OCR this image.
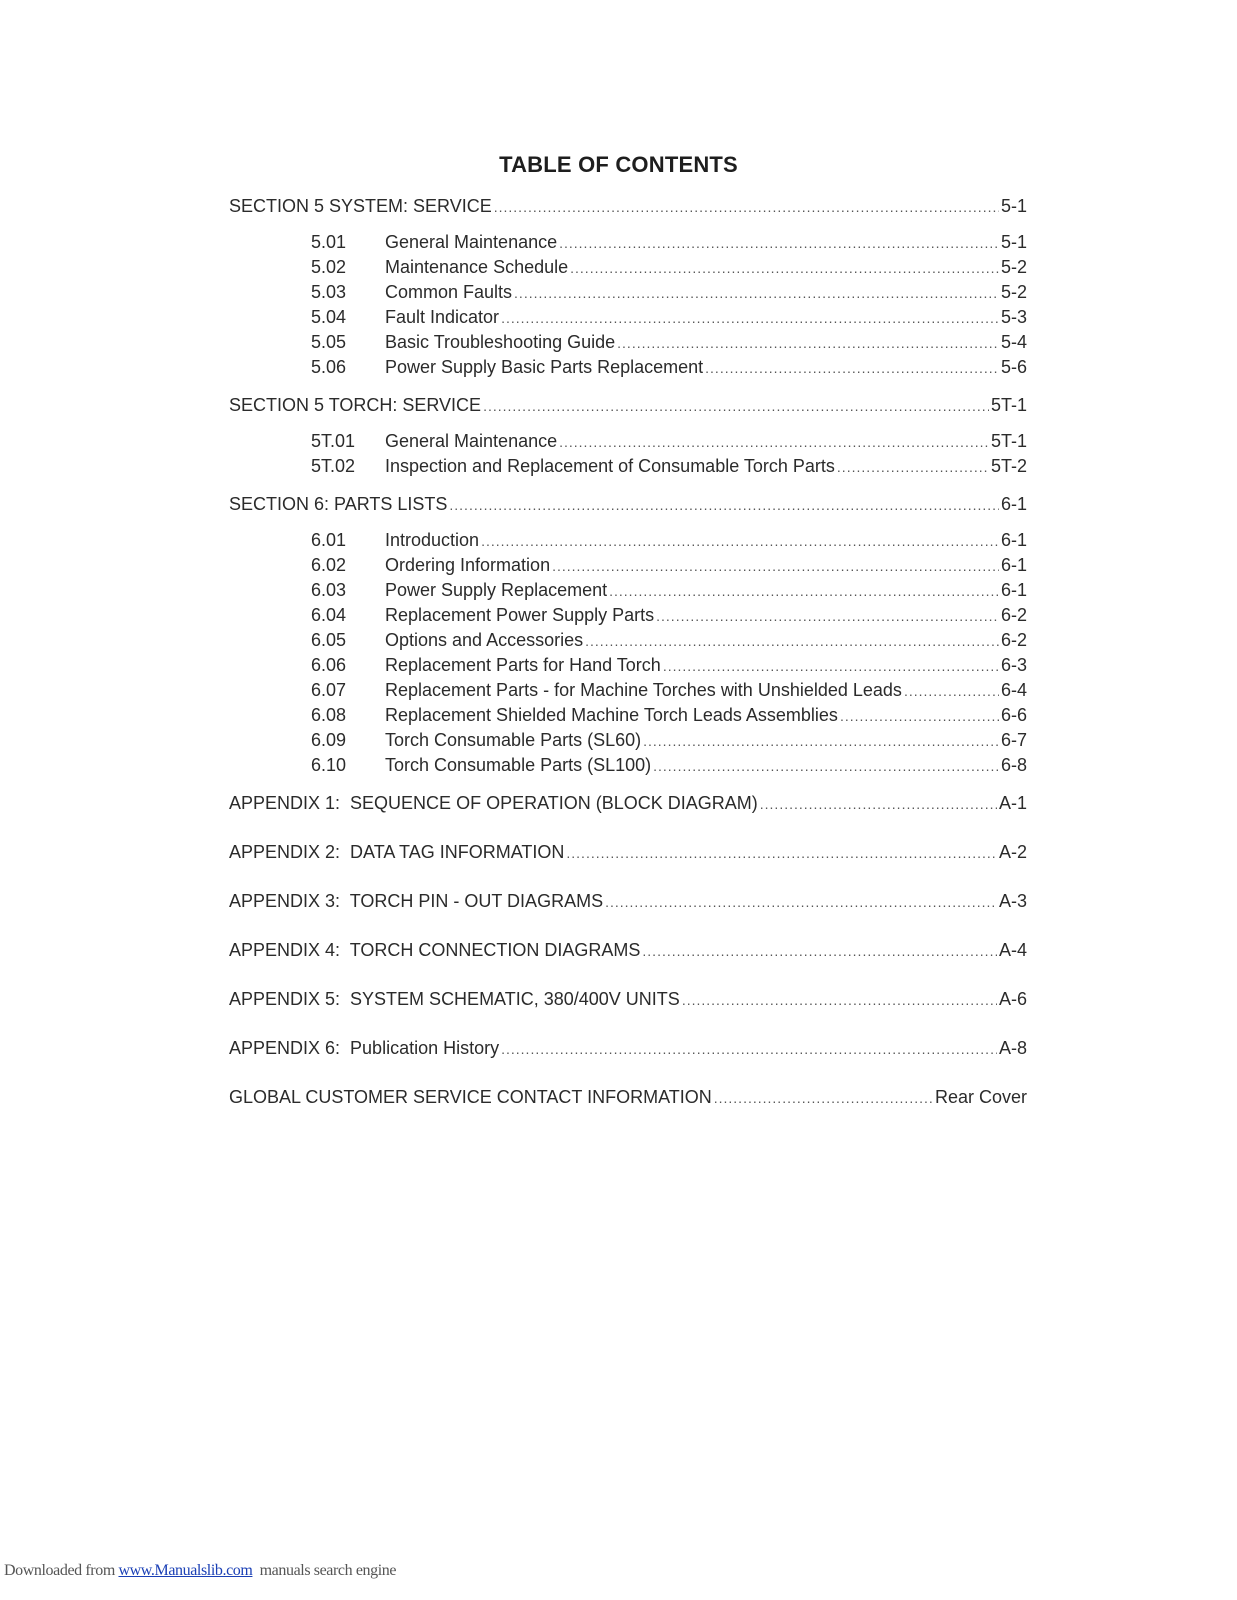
TABLE OF CONTENTS
SECTION 5 SYSTEM: SERVICE .....	5-1
5.01	General Maintenance .....	5-1
5.02	Maintenance Schedule .....	5-2
5.03	Common Faults .....	5-2
5.04	Fault Indicator .....	5-3
5.05	Basic Troubleshooting Guide .....	5-4
5.06	Power Supply Basic Parts Replacement .....	5-6
SECTION 5 TORCH: SERVICE .....	5T-1
5T.01	General Maintenance .....	5T-1
5T.02	Inspection and Replacement of Consumable Torch Parts .....	5T-2
SECTION 6: PARTS LISTS .....	6-1
6.01	Introduction .....	6-1
6.02	Ordering Information .....	6-1
6.03	Power Supply Replacement .....	6-1
6.04	Replacement Power Supply Parts .....	6-2
6.05	Options and Accessories .....	6-2
6.06	Replacement Parts for Hand Torch .....	6-3
6.07	Replacement Parts - for Machine Torches with Unshielded Leads .....	6-4
6.08	Replacement Shielded Machine Torch Leads Assemblies .....	6-6
6.09	Torch Consumable Parts (SL60) .....	6-7
6.10	Torch Consumable Parts (SL100) .....	6-8
APPENDIX 1:  SEQUENCE OF OPERATION (BLOCK DIAGRAM) .....	A-1
APPENDIX 2:  DATA TAG INFORMATION .....	A-2
APPENDIX 3:  TORCH PIN - OUT DIAGRAMS .....	A-3
APPENDIX 4:  TORCH CONNECTION DIAGRAMS .....	A-4
APPENDIX 5:  SYSTEM SCHEMATIC, 380/400V UNITS .....	A-6
APPENDIX 6:  Publication History .....	A-8
GLOBAL CUSTOMER SERVICE CONTACT INFORMATION .....	Rear Cover
Downloaded from www.Manualslib.com  manuals search engine
